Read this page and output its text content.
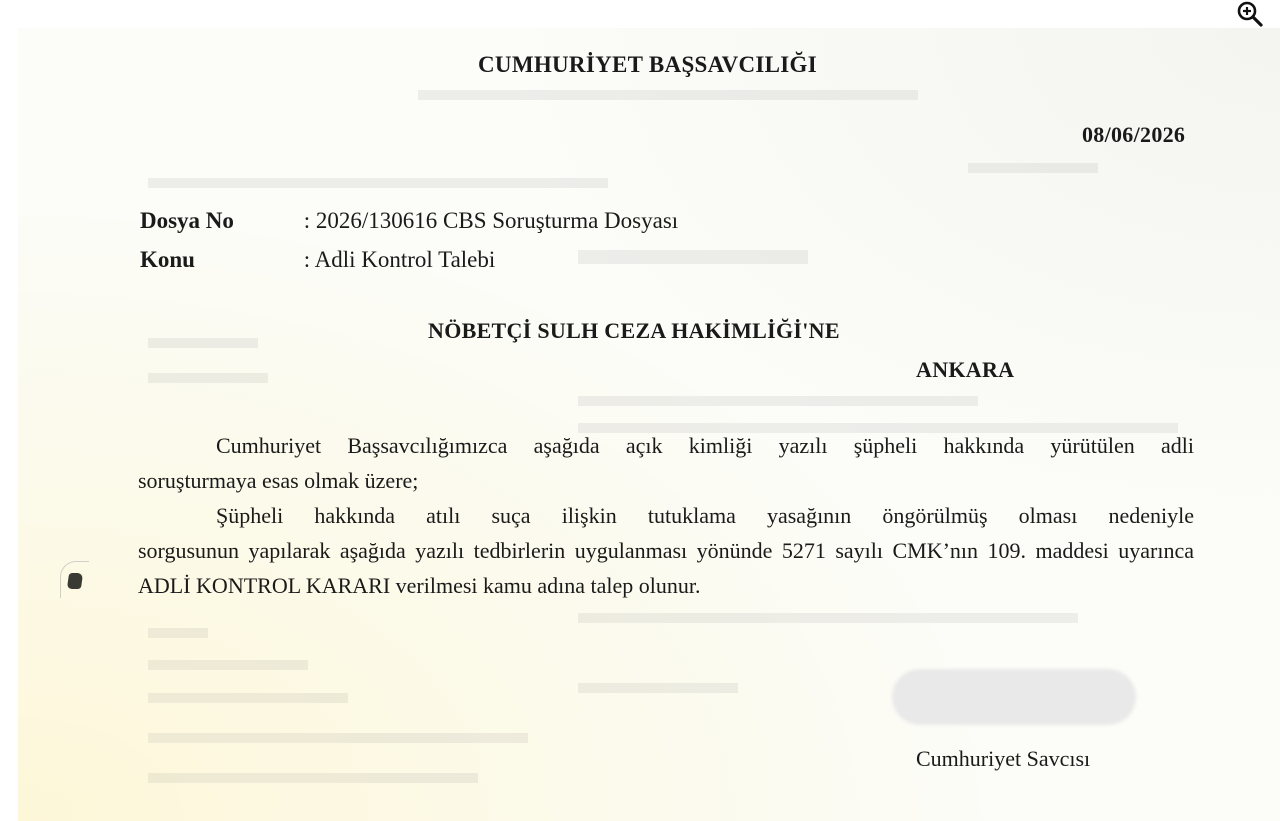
CUMHURİYET BAŞSAVCILIĞI
08/06/2026
Dosya No	: 2026/130616 CBS Soruşturma Dosyası
Konu	: Adli Kontrol Talebi
NÖBETÇİ SULH CEZA HAKİMLİĞİ'NE
ANKARA
Cumhuriyet Başsavcılığımızca aşağıda açık kimliği yazılı şüpheli hakkında yürütülen adli
soruşturmaya esas olmak üzere;
Şüpheli hakkında atılı suça ilişkin tutuklama yasağının öngörülmüş olması nedeniyle
sorgusunun yapılarak aşağıda yazılı tedbirlerin uygulanması yönünde 5271 sayılı CMK’nın 109. maddesi uyarınca ADLİ KONTROL KARARI verilmesi kamu adına talep olunur.
Cumhuriyet Savcısı
